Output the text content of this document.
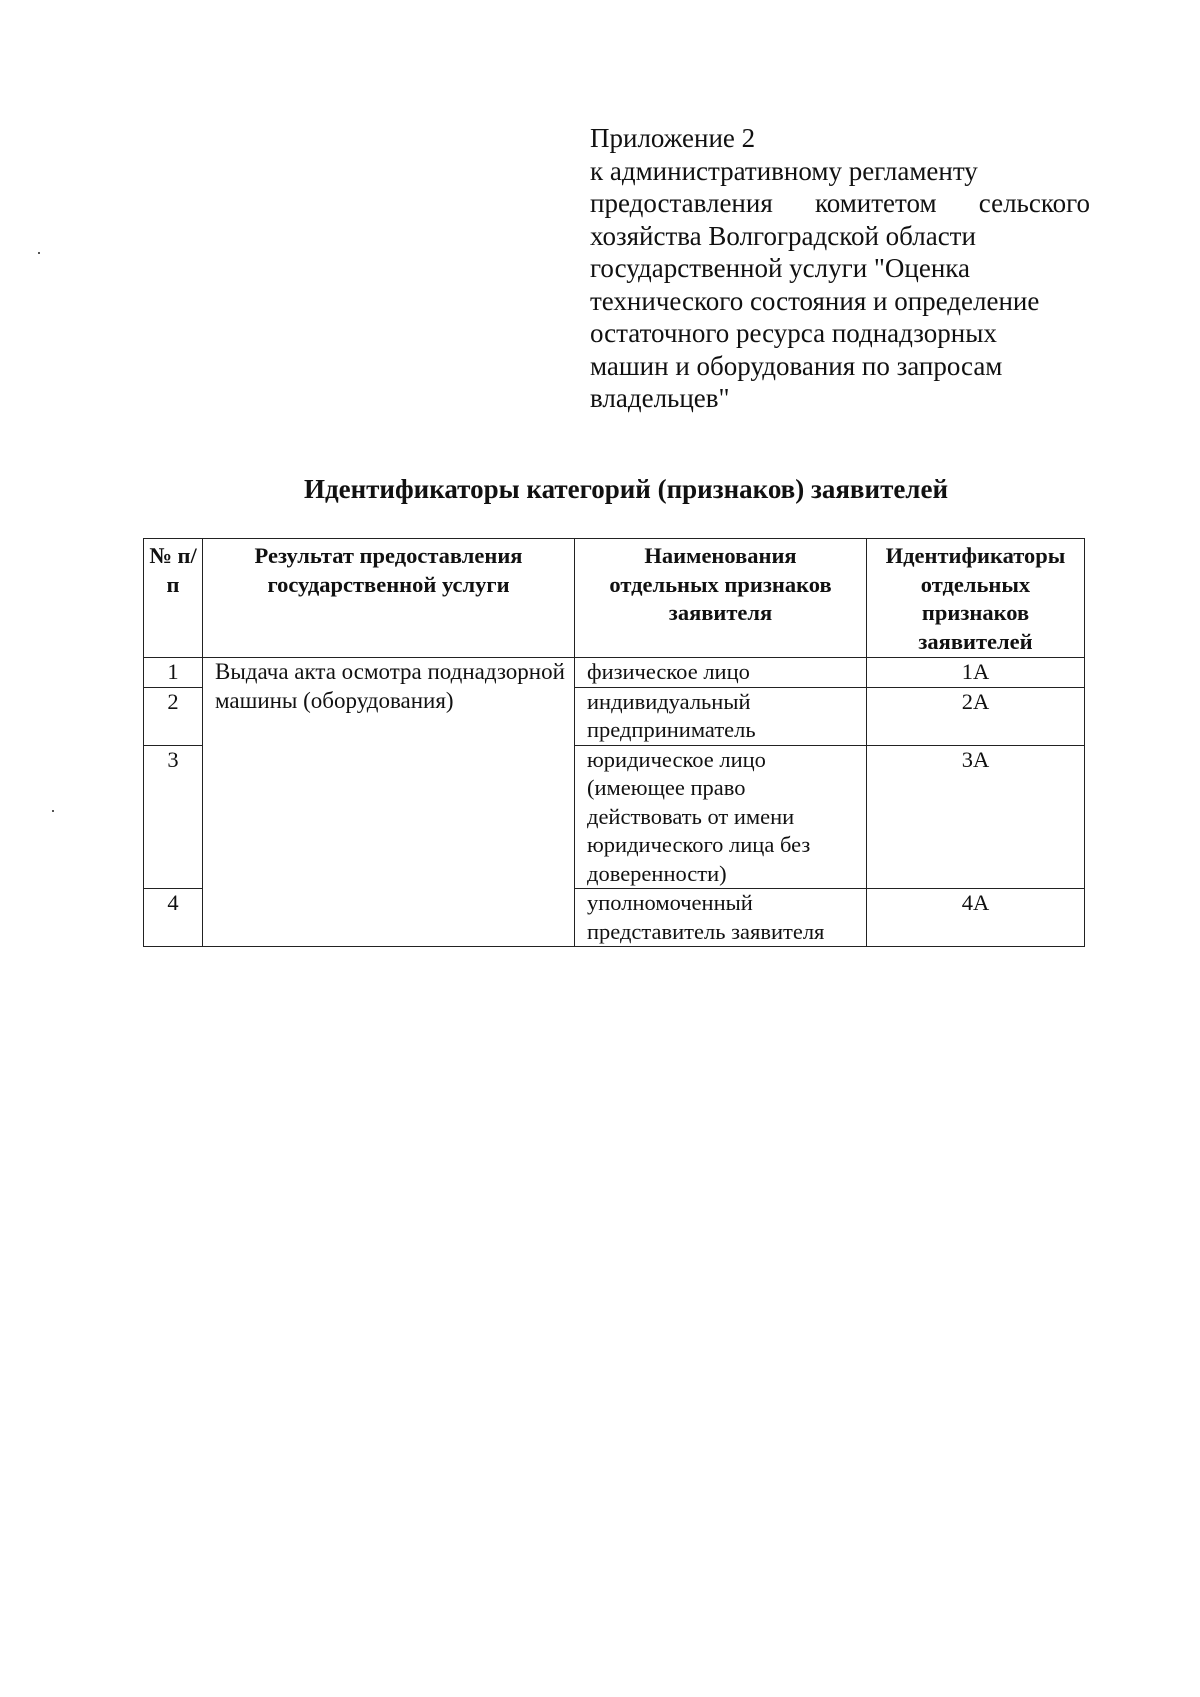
Приложение 2
к административному регламенту
предоставления комитетом сельского
хозяйства Волгоградской области
государственной услуги "Оценка
технического состояния и определение
остаточного ресурса поднадзорных
машин и оборудования по запросам
владельцев"
Идентификаторы категорий (признаков) заявителей
№ п/п	Результат предоставления государственной услуги	Наименования отдельных признаков заявителя	Идентификаторы отдельных признаков заявителей
1	Выдача акта осмотра поднадзорной машины (оборудования)	физическое лицо	1А
2		индивидуальный предприниматель	2А
3		юридическое лицо (имеющее право действовать от имени юридического лица без доверенности)	3А
4		уполномоченный представитель заявителя	4А
